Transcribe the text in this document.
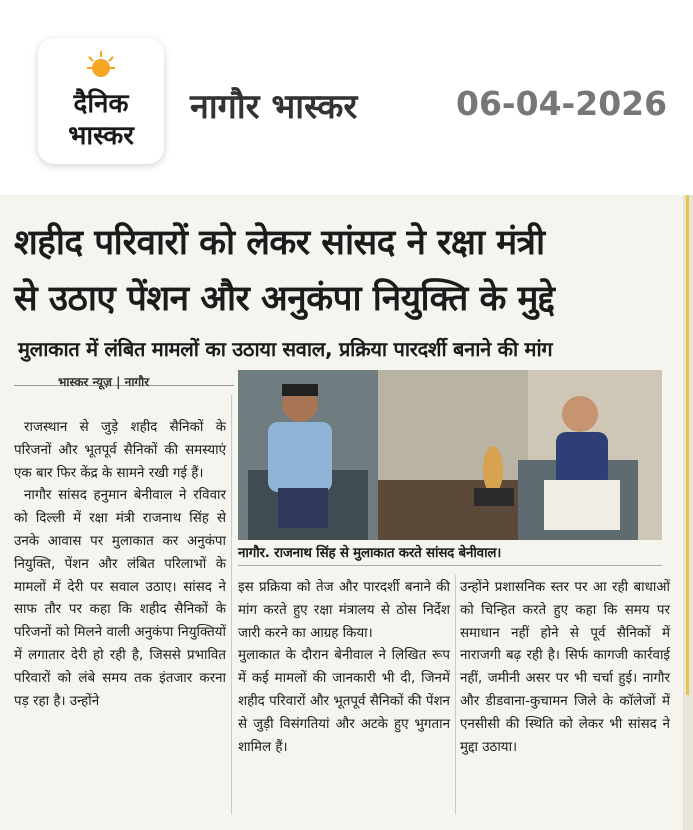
दैनिक
भास्कर
नागौर भास्कर	06-04-2026
शहीद परिवारों को लेकर सांसद ने रक्षा मंत्री
से उठाए पेंशन और अनुकंपा नियुक्ति के मुद्दे
मुलाकात में लंबित मामलों का उठाया सवाल, प्रक्रिया पारदर्शी बनाने की मांग
भास्कर न्यूज़ | नागौर

राजस्थान से जुड़े शहीद सैनिकों के परिजनों और भूतपूर्व सैनिकों की समस्याएं एक बार फिर केंद्र के सामने रखी गई हैं।

नागौर सांसद हनुमान बेनीवाल ने रविवार को दिल्ली में रक्षा मंत्री राजनाथ सिंह से उनके आवास पर मुलाकात कर अनुकंपा नियुक्ति, पेंशन और लंबित परिलाभों के मामलों में देरी पर सवाल उठाए। सांसद ने साफ तौर पर कहा कि शहीद सैनिकों के परिजनों को मिलने वाली अनुकंपा नियुक्तियों में लगातार देरी हो रही है, जिससे प्रभावित परिवारों को लंबे समय तक इंतजार करना पड़ रहा है। उन्होंने

नागौर. राजनाथ सिंह से मुलाकात करते सांसद बेनीवाल।

इस प्रक्रिया को तेज और पारदर्शी बनाने की मांग करते हुए रक्षा मंत्रालय से ठोस निर्देश जारी करने का आग्रह किया।

मुलाकात के दौरान बेनीवाल ने लिखित रूप में कई मामलों की जानकारी भी दी, जिनमें शहीद परिवारों और भूतपूर्व सैनिकों की पेंशन से जुड़ी विसंगतियां और अटके हुए भुगतान शामिल हैं।

उन्होंने प्रशासनिक स्तर पर आ रही बाधाओं को चिन्हित करते हुए कहा कि समय पर समाधान नहीं होने से पूर्व सैनिकों में नाराजगी बढ़ रही है। सिर्फ कागजी कार्रवाई नहीं, जमीनी असर पर भी चर्चा हुई। नागौर और डीडवाना-कुचामन जिले के कॉलेजों में एनसीसी की स्थिति को लेकर भी सांसद ने मुद्दा उठाया।
